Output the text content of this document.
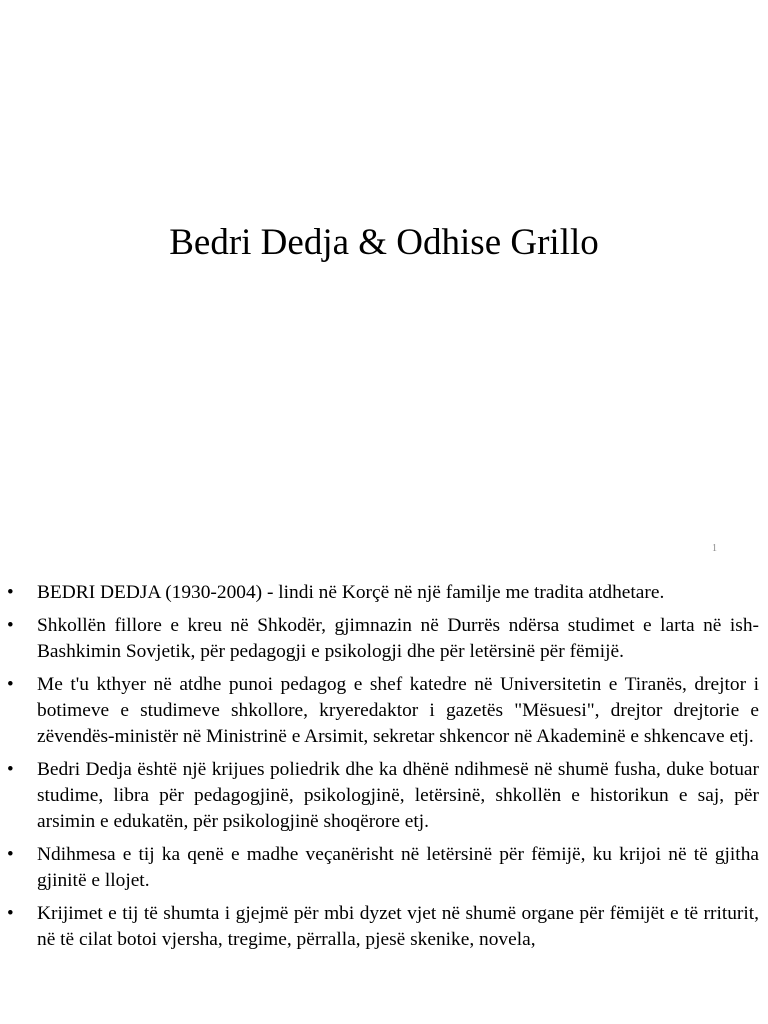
Bedri Dedja & Odhise Grillo
1
• BEDRI DEDJA (1930-2004) - lindi në Korçë në një familje me tradita atdhetare.
• Shkollën fillore e kreu në Shkodër, gjimnazin në Durrës ndërsa studimet e larta në ish- Bashkimin Sovjetik, për pedagogji e psikologji dhe për letërsinë për fëmijë.
• Me t'u kthyer në atdhe punoi pedagog e shef katedre në Universitetin e Tiranës, drejtor i botimeve e studimeve shkollore, kryeredaktor i gazetës "Mësuesi", drejtor drejtorie e zëvendës-ministër në Ministrinë e Arsimit, sekretar shkencor në Akademinë e shkencave etj.
• Bedri Dedja është një krijues poliedrik dhe ka dhënë ndihmesë në shumë fusha, duke botuar studime, libra për pedagogjinë, psikologjinë, letërsinë, shkollën e historikun e saj, për arsimin e edukatën, për psikologjinë shoqërore etj.
• Ndihmesa e tij ka qenë e madhe veçanërisht në letërsinë për fëmijë, ku krijoi në të gjitha gjinitë e llojet.
• Krijimet e tij të shumta i gjejmë për mbi dyzet vjet në shumë organe për fëmijët e të rriturit, në të cilat botoi vjersha, tregime, përralla, pjesë skenike, novela,
